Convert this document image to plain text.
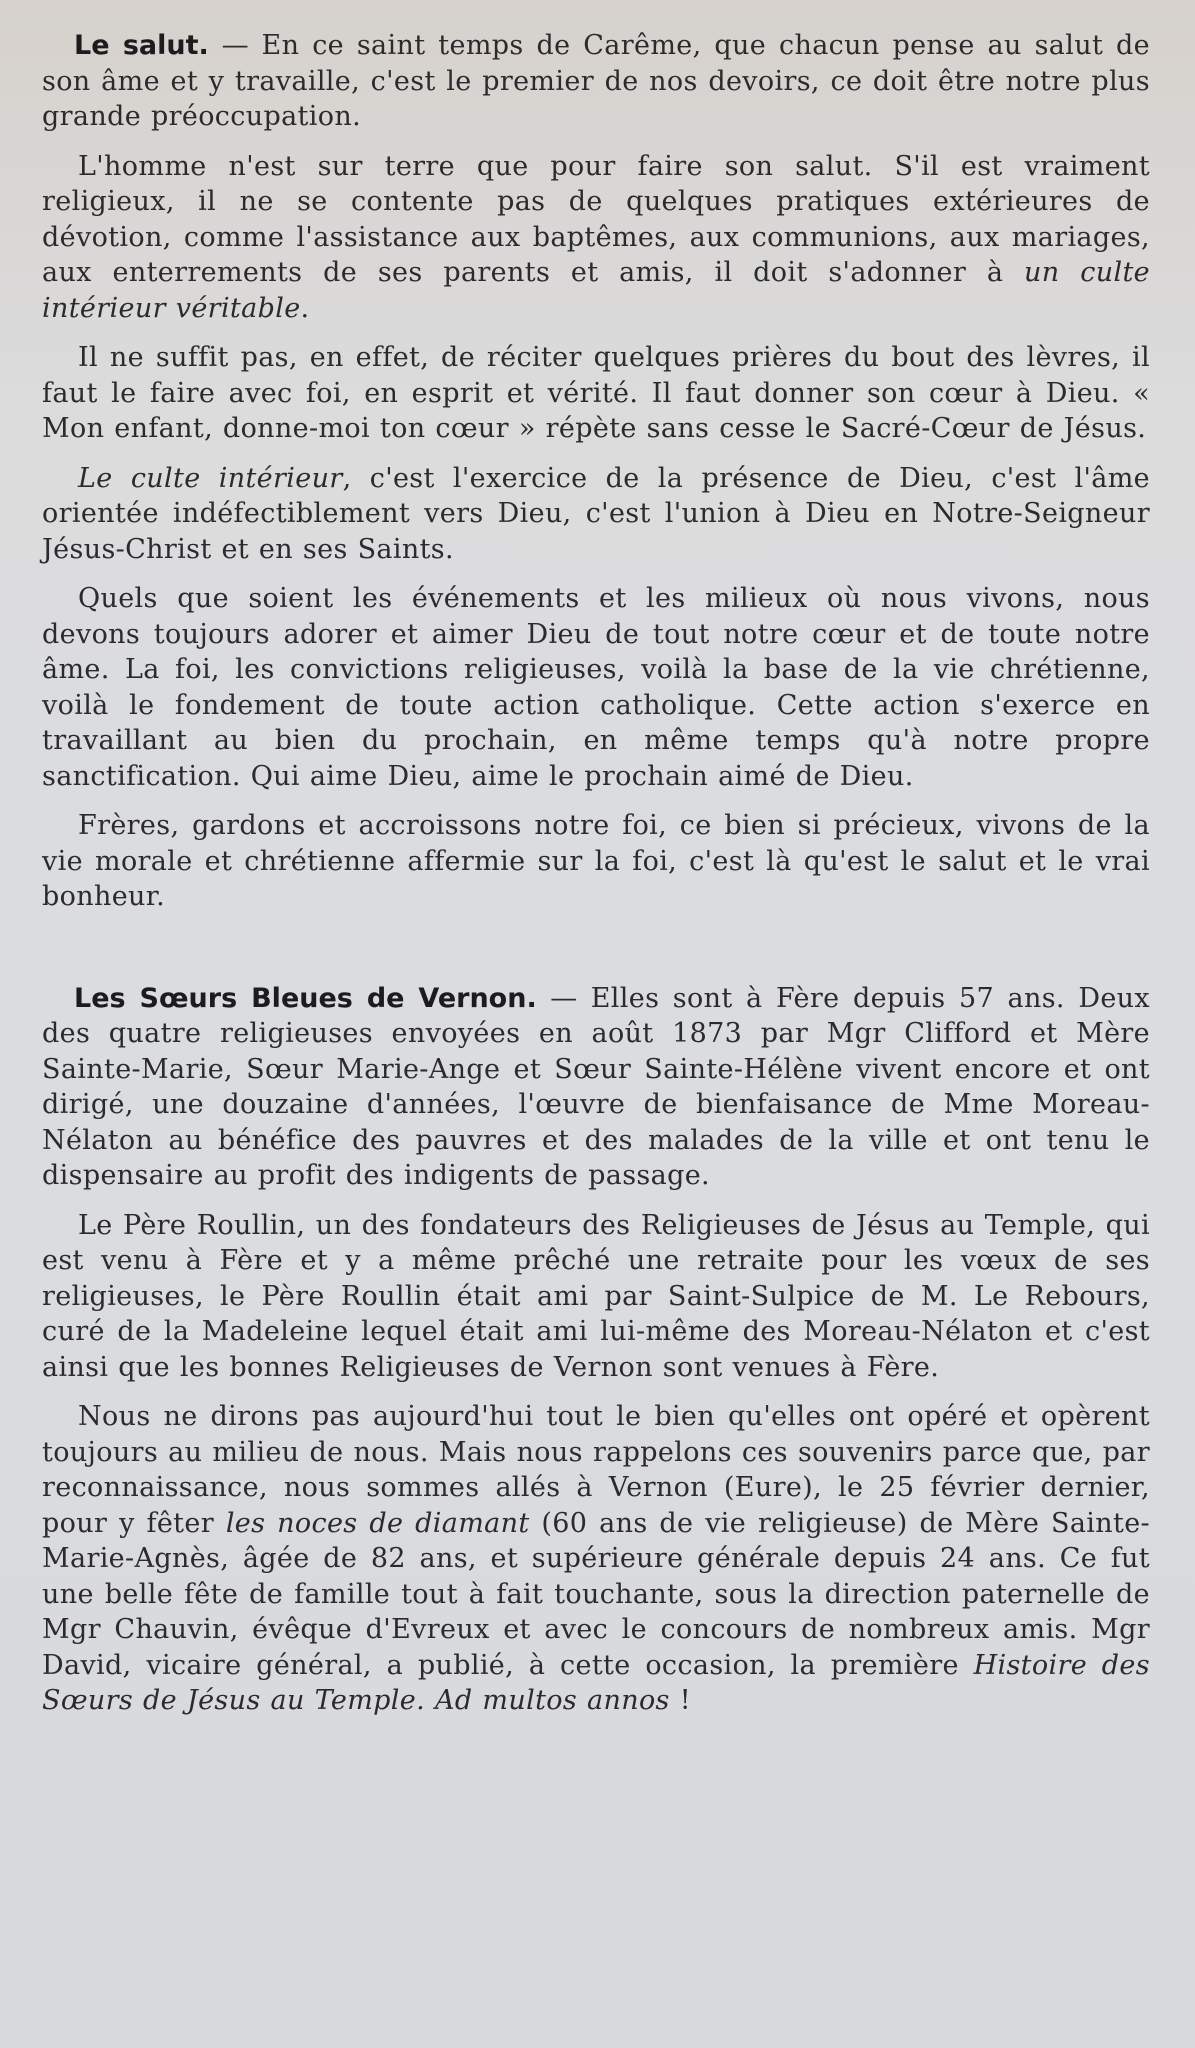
Le salut. — En ce saint temps de Carême, que chacun pense au salut de son âme et y travaille, c'est le premier de nos devoirs, ce doit être notre plus grande préoccupation.

L'homme n'est sur terre que pour faire son salut. S'il est vraiment religieux, il ne se contente pas de quelques pratiques extérieures de dévotion, comme l'assistance aux baptêmes, aux communions, aux mariages, aux enterrements de ses parents et amis, il doit s'adonner à un culte intérieur véritable.

Il ne suffit pas, en effet, de réciter quelques prières du bout des lèvres, il faut le faire avec foi, en esprit et vérité. Il faut donner son cœur à Dieu. « Mon enfant, donne-moi ton cœur » répète sans cesse le Sacré-Cœur de Jésus.

Le culte intérieur, c'est l'exercice de la présence de Dieu, c'est l'âme orientée indéfectiblement vers Dieu, c'est l'union à Dieu en Notre-Seigneur Jésus-Christ et en ses Saints.

Quels que soient les événements et les milieux où nous vivons, nous devons toujours adorer et aimer Dieu de tout notre cœur et de toute notre âme. La foi, les convictions religieuses, voilà la base de la vie chrétienne, voilà le fondement de toute action catholique. Cette action s'exerce en travaillant au bien du prochain, en même temps qu'à notre propre sanctification. Qui aime Dieu, aime le prochain aimé de Dieu.

Frères, gardons et accroissons notre foi, ce bien si précieux, vivons de la vie morale et chrétienne affermie sur la foi, c'est là qu'est le salut et le vrai bonheur.

Les Sœurs Bleues de Vernon. — Elles sont à Fère depuis 57 ans. Deux des quatre religieuses envoyées en août 1873 par Mgr Clifford et Mère Sainte-Marie, Sœur Marie-Ange et Sœur Sainte-Hélène vivent encore et ont dirigé, une douzaine d'années, l'œuvre de bienfaisance de Mme Moreau-Nélaton au bénéfice des pauvres et des malades de la ville et ont tenu le dispensaire au profit des indigents de passage.

Le Père Roullin, un des fondateurs des Religieuses de Jésus au Temple, qui est venu à Fère et y a même prêché une retraite pour les vœux de ses religieuses, le Père Roullin était ami par Saint-Sulpice de M. Le Rebours, curé de la Madeleine lequel était ami lui-même des Moreau-Nélaton et c'est ainsi que les bonnes Religieuses de Vernon sont venues à Fère.

Nous ne dirons pas aujourd'hui tout le bien qu'elles ont opéré et opèrent toujours au milieu de nous. Mais nous rappelons ces souvenirs parce que, par reconnaissance, nous sommes allés à Vernon (Eure), le 25 février dernier, pour y fêter les noces de diamant (60 ans de vie religieuse) de Mère Sainte-Marie-Agnès, âgée de 82 ans, et supérieure générale depuis 24 ans. Ce fut une belle fête de famille tout à fait touchante, sous la direction paternelle de Mgr Chauvin, évêque d'Evreux et avec le concours de nombreux amis. Mgr David, vicaire général, a publié, à cette occasion, la première Histoire des Sœurs de Jésus au Temple. Ad multos annos !
